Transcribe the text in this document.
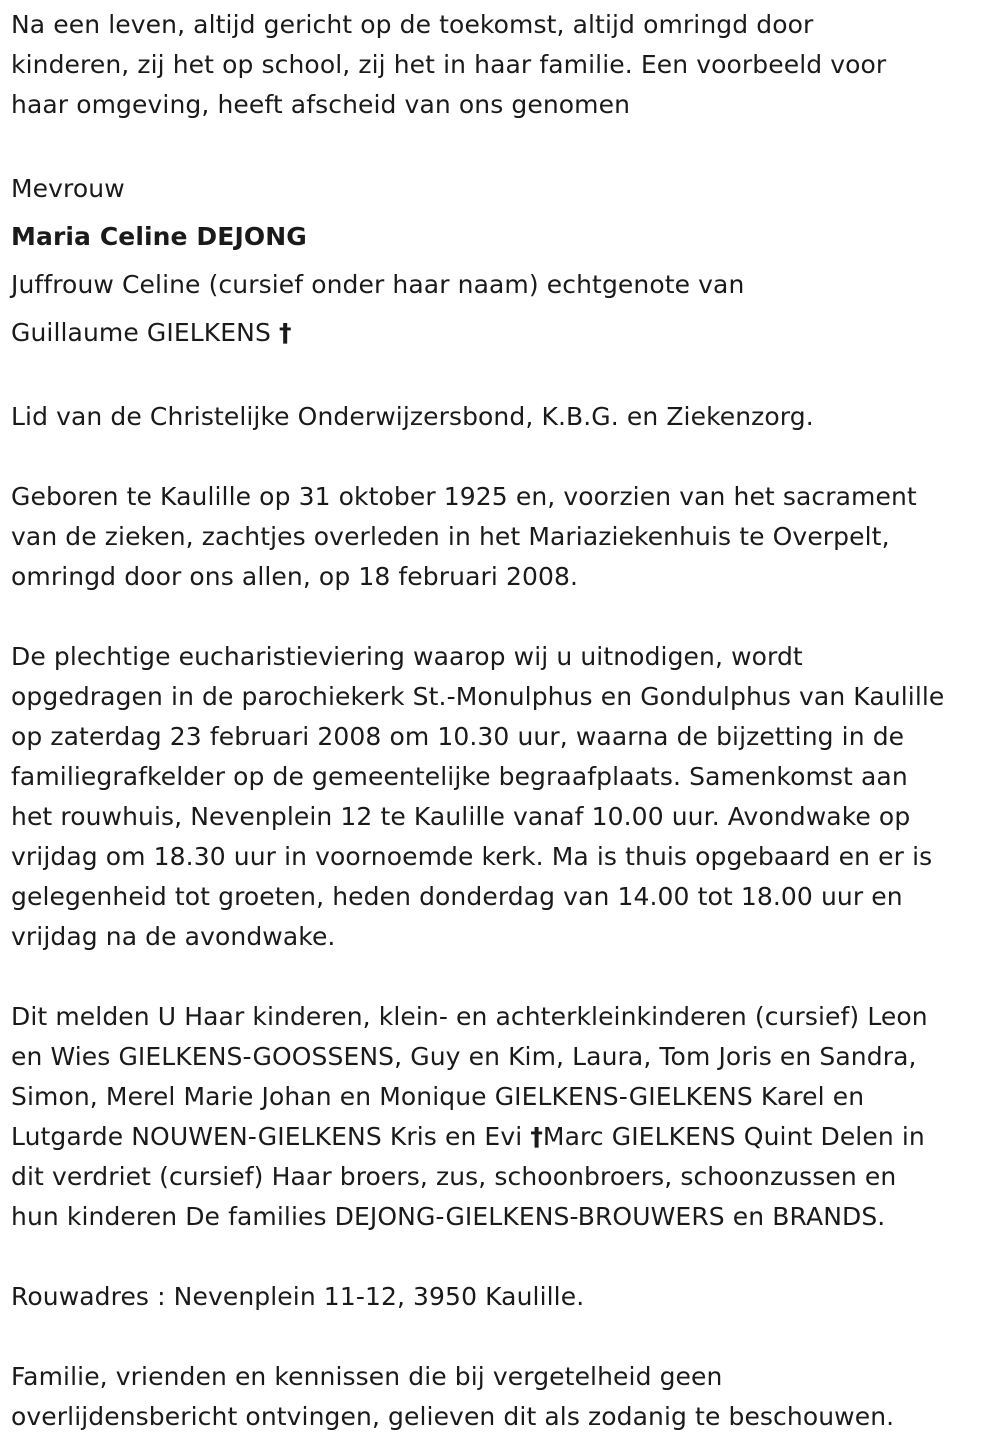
Na een leven, altijd gericht op de toekomst, altijd omringd door
kinderen, zij het op school, zij het in haar familie. Een voorbeeld voor
haar omgeving, heeft afscheid van ons genomen

Mevrouw
Maria Celine DEJONG
Juffrouw Celine (cursief onder haar naam) echtgenote van
Guillaume GIELKENS †

Lid van de Christelijke Onderwijzersbond, K.B.G. en Ziekenzorg.

Geboren te Kaulille op 31 oktober 1925 en, voorzien van het sacrament
van de zieken, zachtjes overleden in het Mariaziekenhuis te Overpelt,
omringd door ons allen, op 18 februari 2008.

De plechtige eucharistieviering waarop wij u uitnodigen, wordt
opgedragen in de parochiekerk St.-Monulphus en Gondulphus van Kaulille
op zaterdag 23 februari 2008 om 10.30 uur, waarna de bijzetting in de
familiegrafkelder op de gemeentelijke begraafplaats. Samenkomst aan
het rouwhuis, Nevenplein 12 te Kaulille vanaf 10.00 uur. Avondwake op
vrijdag om 18.30 uur in voornoemde kerk. Ma is thuis opgebaard en er is
gelegenheid tot groeten, heden donderdag van 14.00 tot 18.00 uur en
vrijdag na de avondwake.

Dit melden U Haar kinderen, klein- en achterkleinkinderen (cursief) Leon
en Wies GIELKENS-GOOSSENS, Guy en Kim, Laura, Tom Joris en Sandra,
Simon, Merel Marie Johan en Monique GIELKENS-GIELKENS Karel en
Lutgarde NOUWEN-GIELKENS Kris en Evi †Marc GIELKENS Quint Delen in
dit verdriet (cursief) Haar broers, zus, schoonbroers, schoonzussen en
hun kinderen De families DEJONG-GIELKENS-BROUWERS en BRANDS.

Rouwadres : Nevenplein 11-12, 3950 Kaulille.

Familie, vrienden en kennissen die bij vergetelheid geen
overlijdensbericht ontvingen, gelieven dit als zodanig te beschouwen.
